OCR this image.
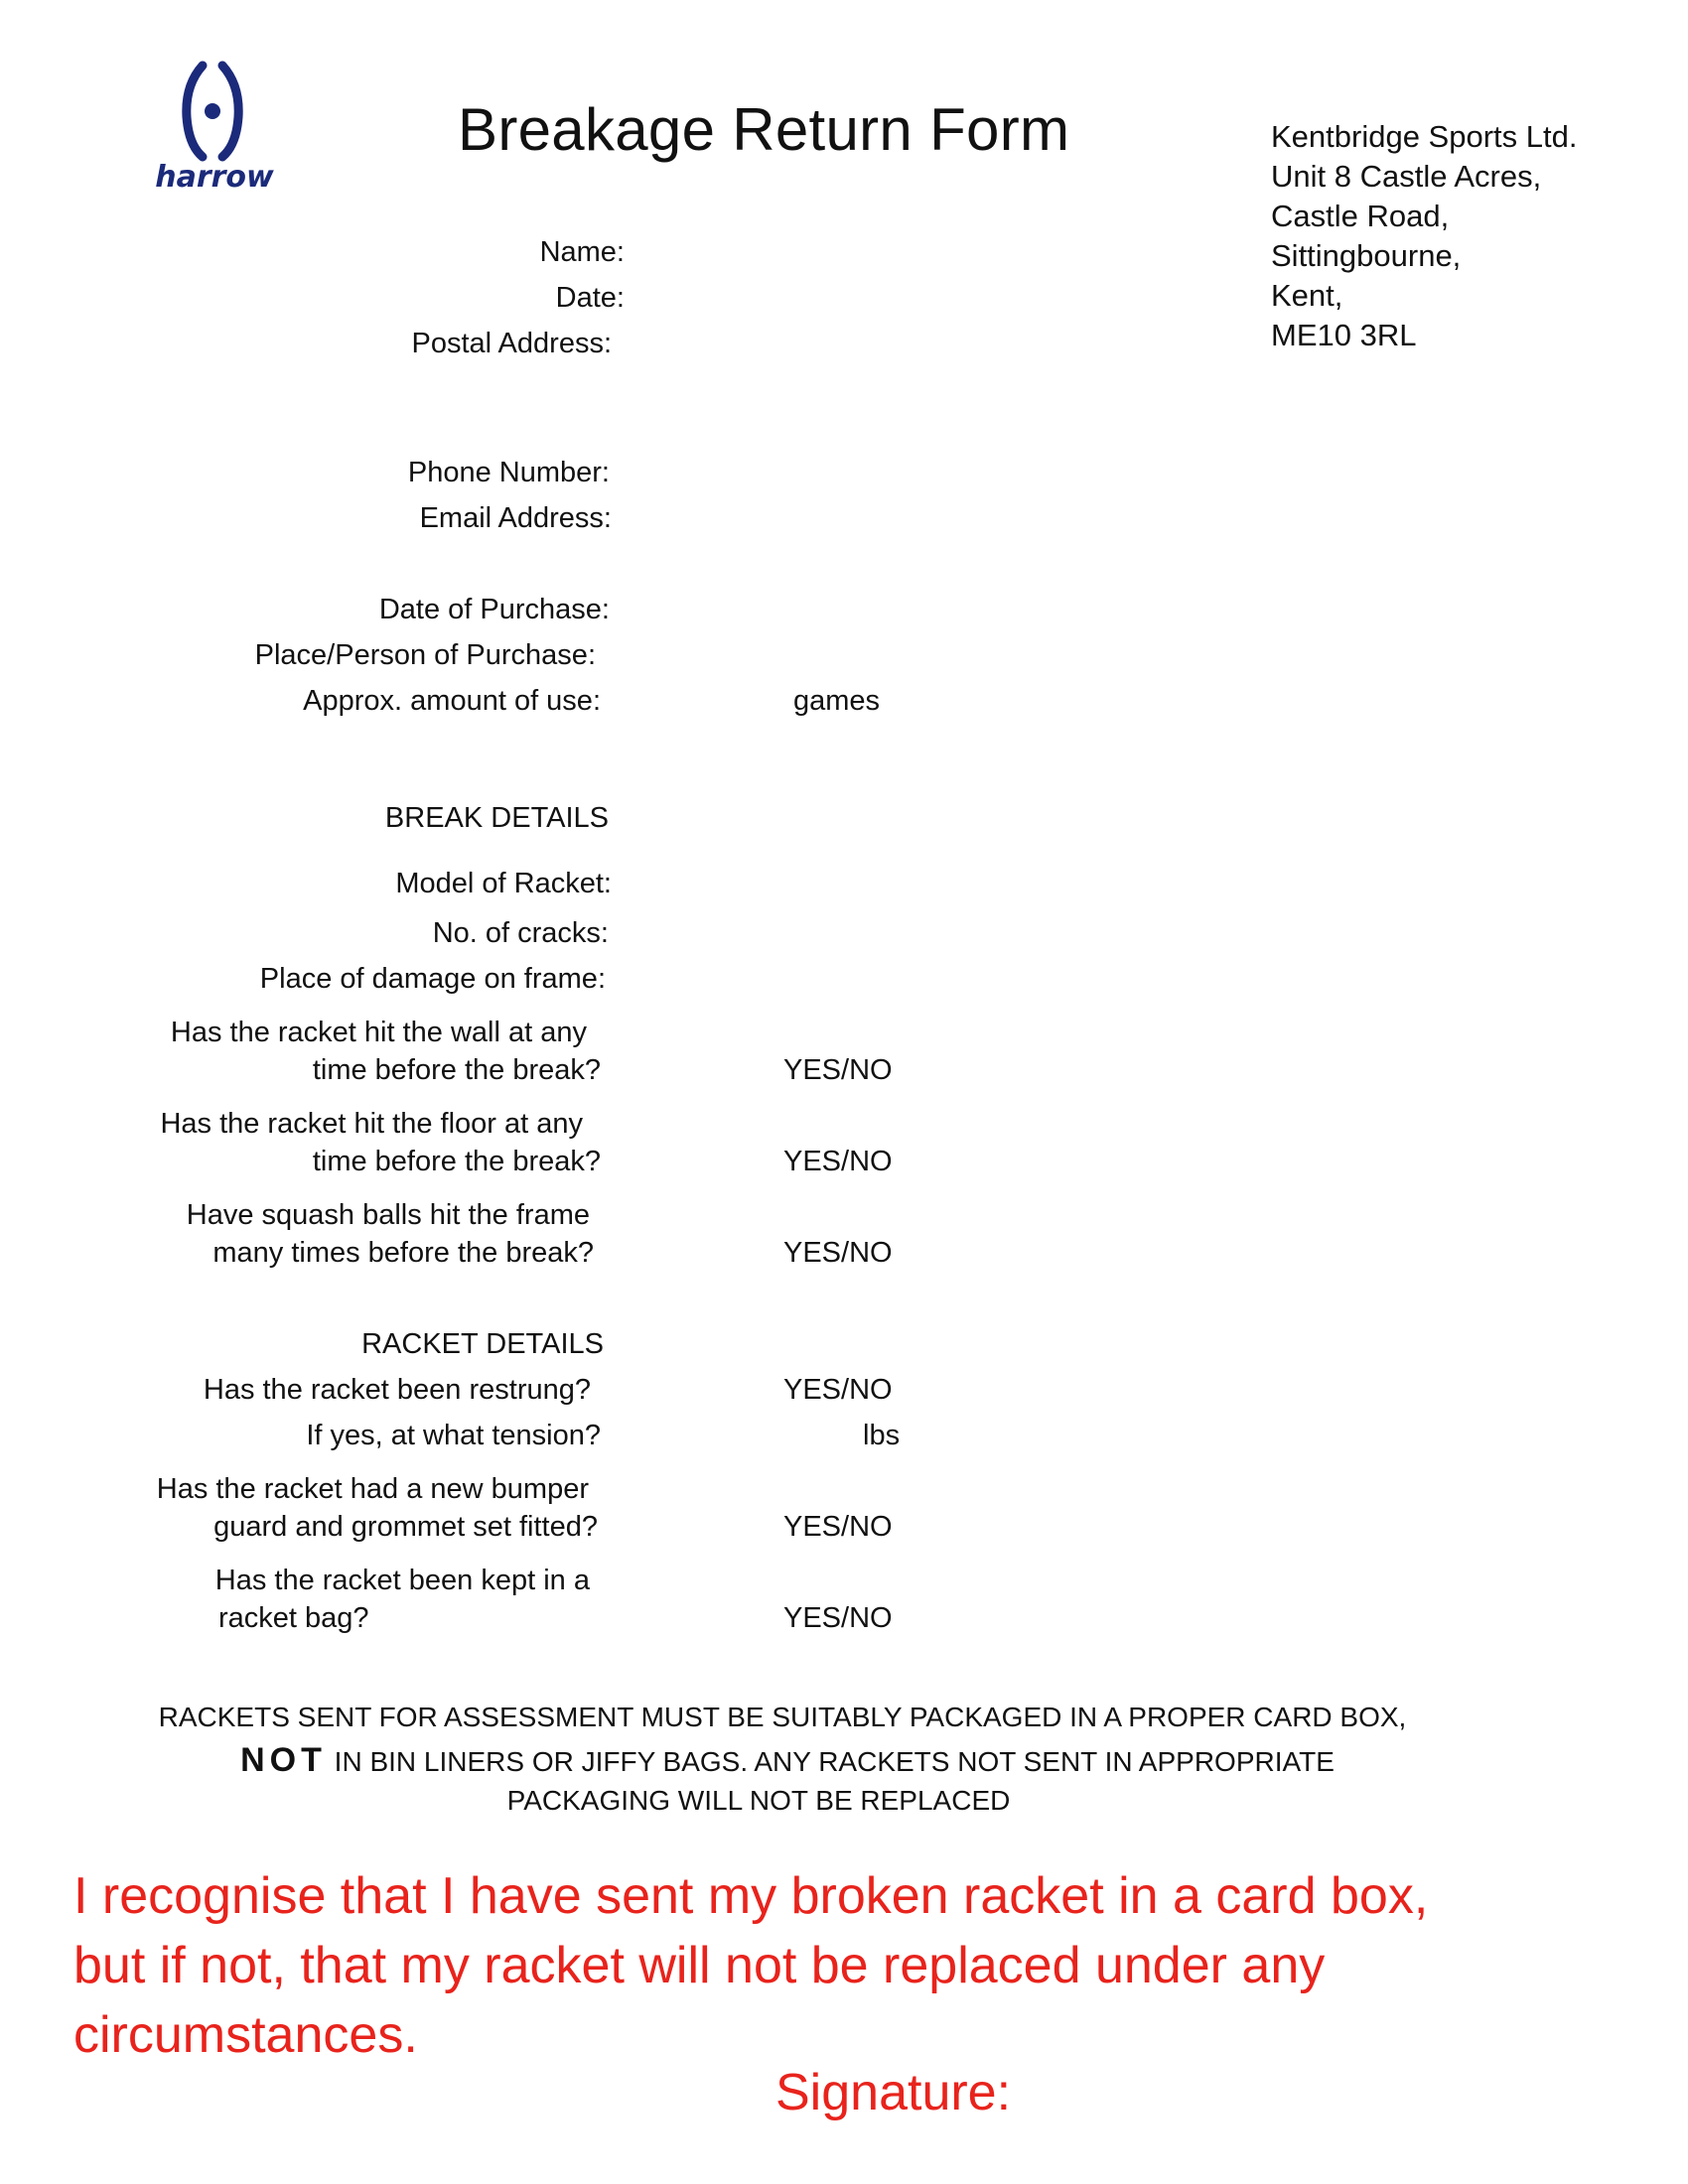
harrow
Breakage Return Form	Kentbridge Sports Ltd.
Unit 8 Castle Acres,
Castle Road,
Sittingbourne,
Kent,
ME10 3RL
Name:
Date:
Postal Address:
Phone Number:
Email Address:
Date of Purchase:
Place/Person of Purchase:
Approx. amount of use:	games
BREAK DETAILS
Model of Racket:
No. of cracks:
Place of damage on frame:
Has the racket hit the wall at any
time before the break?	YES/NO
Has the racket hit the floor at any
time before the break?	YES/NO
Have squash balls hit the frame
many times before the break?	YES/NO
RACKET DETAILS
Has the racket been restrung?	YES/NO
If yes, at what tension?	lbs
Has the racket had a new bumper
guard and grommet set fitted?	YES/NO
Has the racket been kept in a
racket bag?	YES/NO
RACKETS SENT FOR ASSESSMENT MUST BE SUITABLY PACKAGED IN A PROPER CARD BOX,
NOT IN BIN LINERS OR JIFFY BAGS. ANY RACKETS NOT SENT IN APPROPRIATE
PACKAGING WILL NOT BE REPLACED
I recognise that I have sent my broken racket in a card box,
but if not, that my racket will not be replaced under any
circumstances.
Signature:
